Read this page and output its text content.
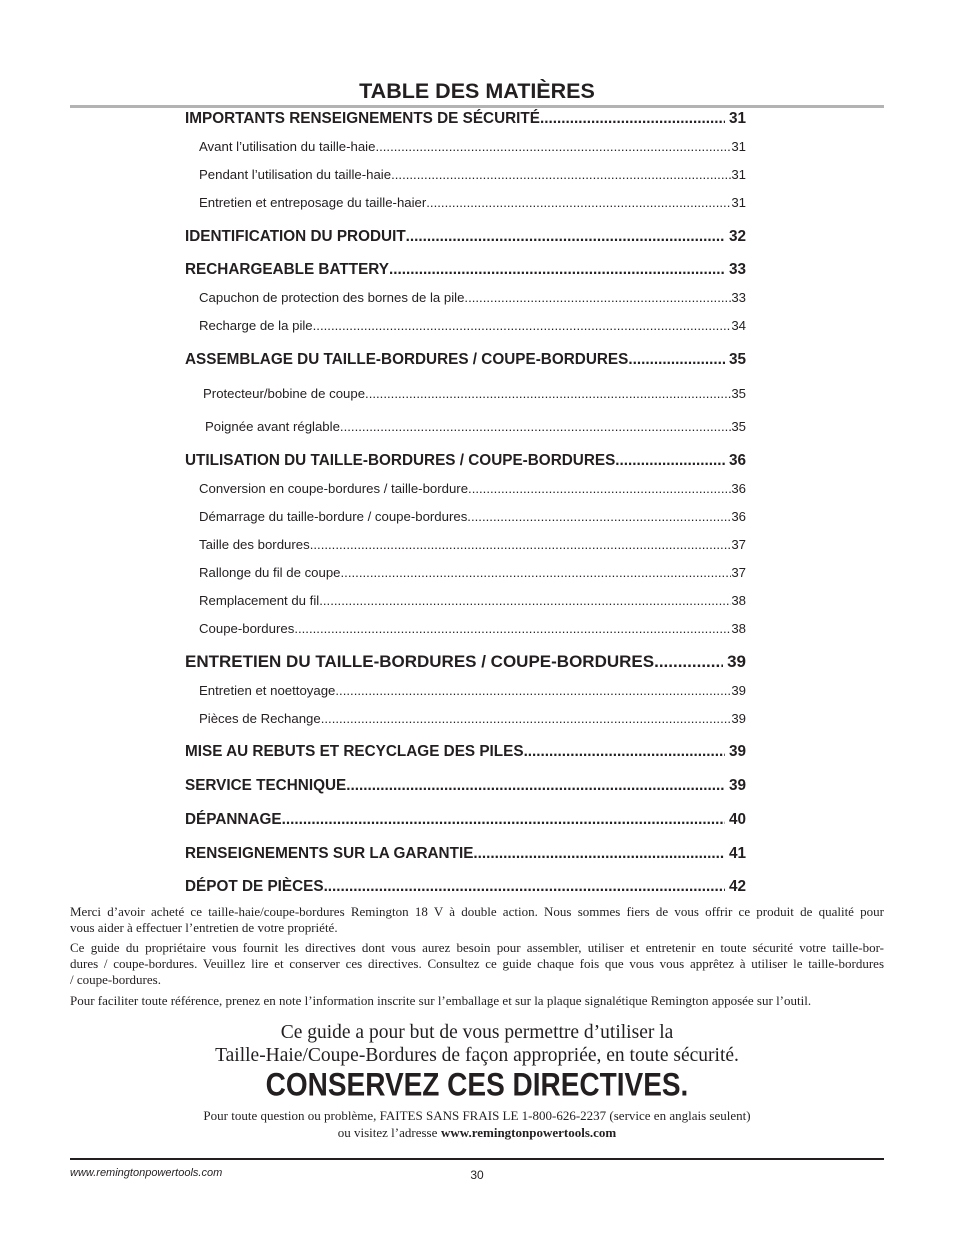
TABLE DES MATIÈRES
IMPORTANTS RENSEIGNEMENTS DE SÉCURITÉ .....	31
Avant l’utilisation du taille-haie .....	31
Pendant l’utilisation du taille-haie .....	31
Entretien et entreposage du taille-haier .....	31
IDENTIFICATION DU PRODUIT .....	32
RECHARGEABLE BATTERY .....	33
Capuchon de protection des bornes de la pile .....	33
Recharge de la pile .....	34
ASSEMBLAGE DU TAILLE-BORDURES / COUPE-BORDURES .....	35
Protecteur/bobine de coupe .....	35
Poignée avant réglable .....	35
UTILISATION DU TAILLE-BORDURES / COUPE-BORDURES .....	36
Conversion en coupe-bordures / taille-bordure .....	36
Démarrage du taille-bordure / coupe-bordures .....	36
Taille des bordures .....	37
Rallonge du fil de coupe .....	37
Remplacement du fil .....	38
Coupe-bordures .....	38
ENTRETIEN DU TAILLE-BORDURES / COUPE-BORDURES .....	39
Entretien et noettoyage .....	39
Pièces de Rechange .....	39
MISE AU REBUTS ET RECYCLAGE DES PILES .....	39
SERVICE TECHNIQUE .....	39
DÉPANNAGE .....	40
RENSEIGNEMENTS SUR LA GARANTIE .....	41
DÉPOT DE PIÈCES .....	42
Merci d’avoir acheté ce taille-haie/coupe-bordures Remington 18 V à double action. Nous sommes fiers de vous offrir ce produit de qualité pour
vous aider à effectuer l’entretien de votre propriété.
Ce guide du propriétaire vous fournit les directives dont vous aurez besoin pour assembler, utiliser et entretenir en toute sécurité votre taille-bor-
dures / coupe-bordures. Veuillez lire et conserver ces directives. Consultez ce guide chaque fois que vous vous apprêtez à utiliser le taille-bordures
/ coupe-bordures.
Pour faciliter toute référence, prenez en note l’information inscrite sur l’emballage et sur la plaque signalétique Remington apposée sur l’outil.
Ce guide a pour but de vous permettre d’utiliser la
Taille-Haie/Coupe-Bordures de façon appropriée, en toute sécurité.
CONSERVEZ CES DIRECTIVES.
Pour toute question ou problème, FAITES SANS FRAIS LE 1-800-626-2237 (service en anglais seulent)
ou visitez l’adresse www.remingtonpowertools.com
www.remingtonpowertools.com	30
